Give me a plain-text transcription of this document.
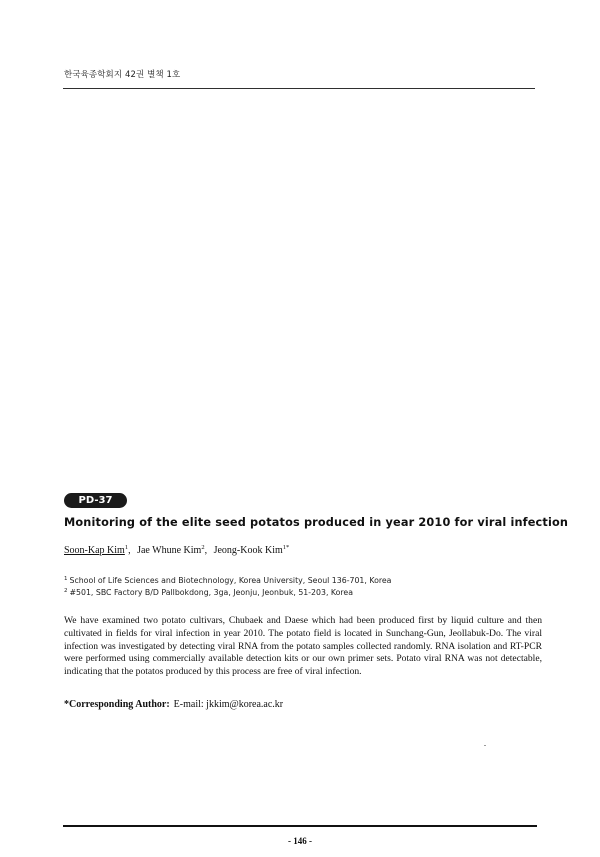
한국육종학회지 42권 별책 1호
PD-37
Monitoring of the elite seed potatos produced in year 2010 for viral infection
Soon-Kap Kim$^1$, Jae Whune Kim$^2$, Jeong-Kook Kim$^{1*}$
$^1$ School of Life Sciences and Biotechnology, Korea University, Seoul 136-701, Korea
$^2$ #501, SBC Factory B/D Pallbokdong, 3ga, Jeonju, Jeonbuk, 51-203, Korea
We have examined two potato cultivars, Chubaek and Daese which had been produced first by liquid culture and then cultivated in fields for viral infection in year 2010. The potato field is located in Sunchang-Gun, Jeollabuk-Do. The viral infection was investigated by detecting viral RNA from the potato samples collected randomly. RNA isolation and RT-PCR were performed using commercially available detection kits or our own primer sets. Potato viral RNA was not detectable, indicating that the potatos produced by this process are free of viral infection.
*Corresponding Author: E-mail: jkkim@korea.ac.kr
- 146 -
